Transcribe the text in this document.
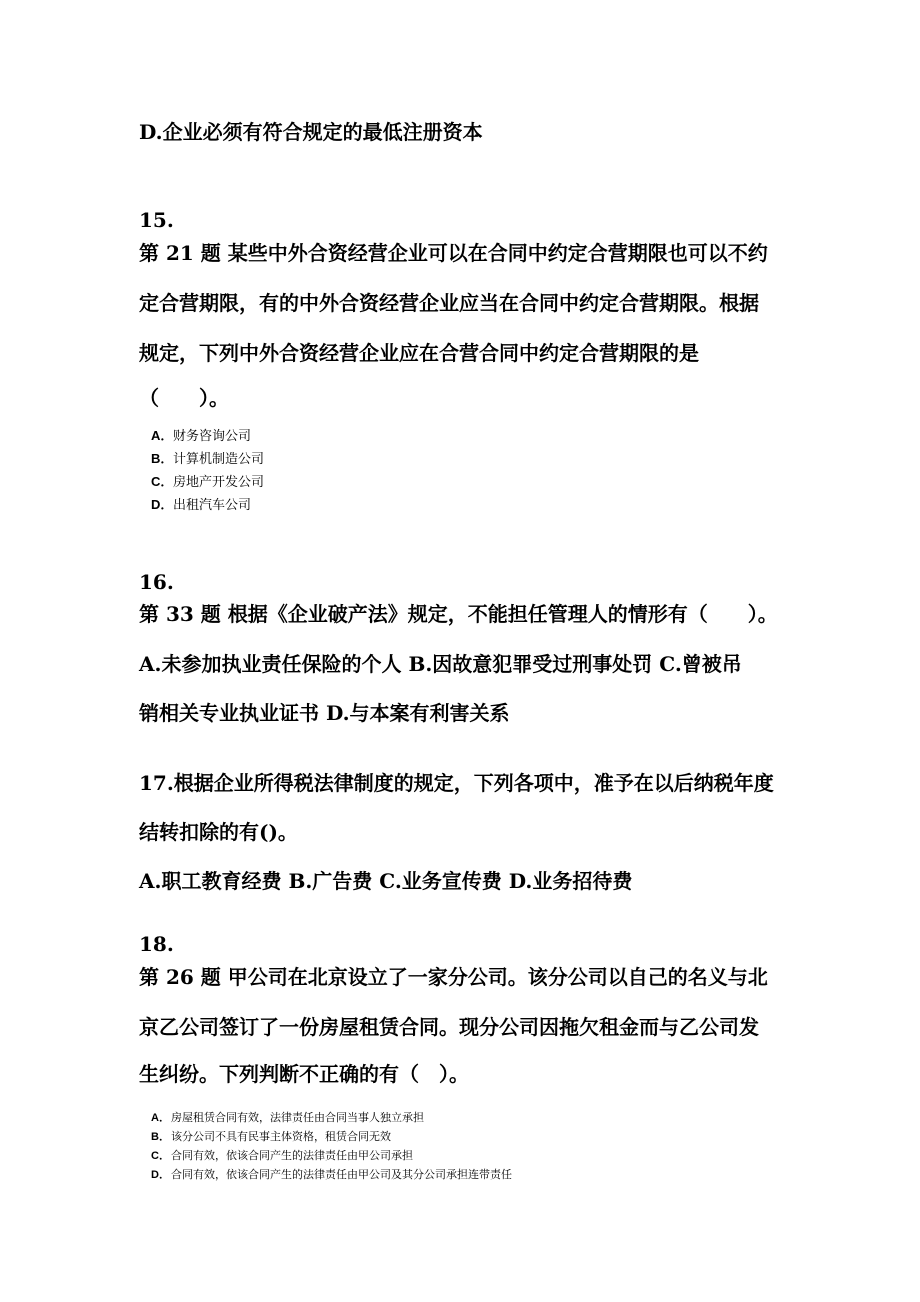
D.企业必须有符合规定的最低注册资本
15.
第 21 题 某些中外合资经营企业可以在合同中约定合营期限也可以不约
定合营期限，有的中外合资经营企业应当在合同中约定合营期限。根据
规定，下列中外合资经营企业应在合营合同中约定合营期限的是
（　　）。
A．财务咨询公司
B．计算机制造公司
C．房地产开发公司
D．出租汽车公司
16.
第 33 题 根据《企业破产法》规定，不能担任管理人的情形有（　　）。
A.未参加执业责任保险的个人 B.因故意犯罪受过刑事处罚 C.曾被吊
销相关专业执业证书 D.与本案有利害关系
17.根据企业所得税法律制度的规定，下列各项中，准予在以后纳税年度
结转扣除的有()。
A.职工教育经费 B.广告费 C.业务宣传费 D.业务招待费
18.
第 26 题 甲公司在北京设立了一家分公司。该分公司以自己的名义与北
京乙公司签订了一份房屋租赁合同。现分公司因拖欠租金而与乙公司发
生纠纷。下列判断不正确的有（　）。
A．房屋租赁合同有效，法律责任由合同当事人独立承担
B．该分公司不具有民事主体资格，租赁合同无效
C．合同有效，依该合同产生的法律责任由甲公司承担
D．合同有效，依该合同产生的法律责任由甲公司及其分公司承担连带责任
